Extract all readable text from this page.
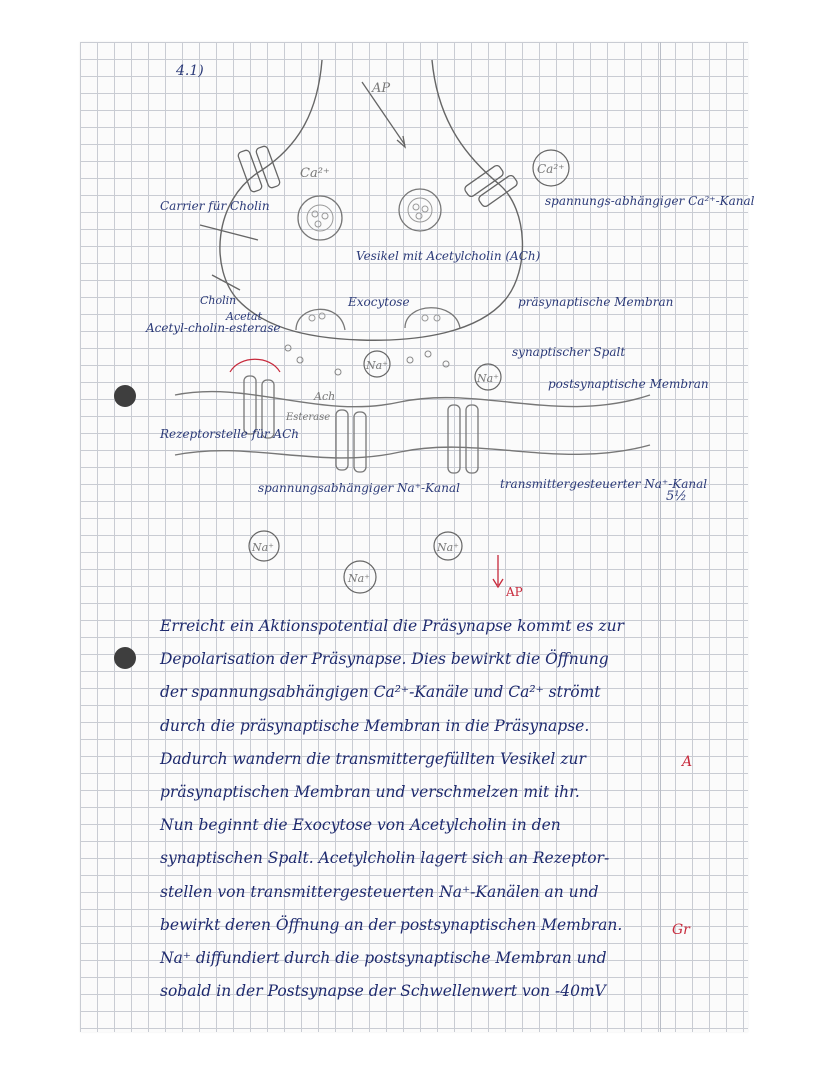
4.1)
AP
Ca²⁺	Ca²⁺
Carrier für Cholin
Vesikel mit Acetylcholin (ACh)
Exocytose
Cholin
Acetat
Acetyl-cholin-esterase
spannungs-abhängiger Ca²⁺-Kanal
präsynaptische Membran
synaptischer Spalt
postsynaptische Membran
Na⁺
Na⁺
Ach
Rezeptorstelle für ACh
Esterase
spannungsabhängiger Na⁺-Kanal	transmittergesteuerter Na⁺-Kanal
5½
Na⁺	Na⁺
Na⁺
AP
Erreicht ein Aktionspotential die Präsynapse kommt es zur
Depolarisation der Präsynapse. Dies bewirkt die Öffnung
der spannungsabhängigen Ca²⁺-Kanäle und Ca²⁺ strömt
durch die präsynaptische Membran in die Präsynapse.
Dadurch wandern die transmittergefüllten Vesikel zur
präsynaptischen Membran und verschmelzen mit ihr.
Nun beginnt die Exocytose von Acetylcholin in den
synaptischen Spalt. Acetylcholin lagert sich an Rezeptor-
stellen von transmittergesteuerten Na⁺-Kanälen an und
bewirkt deren Öffnung an der postsynaptischen Membran.
Na⁺ diffundiert durch die postsynaptische Membran und
sobald in der Postsynapse der Schwellenwert von -40mV
A
Gr
